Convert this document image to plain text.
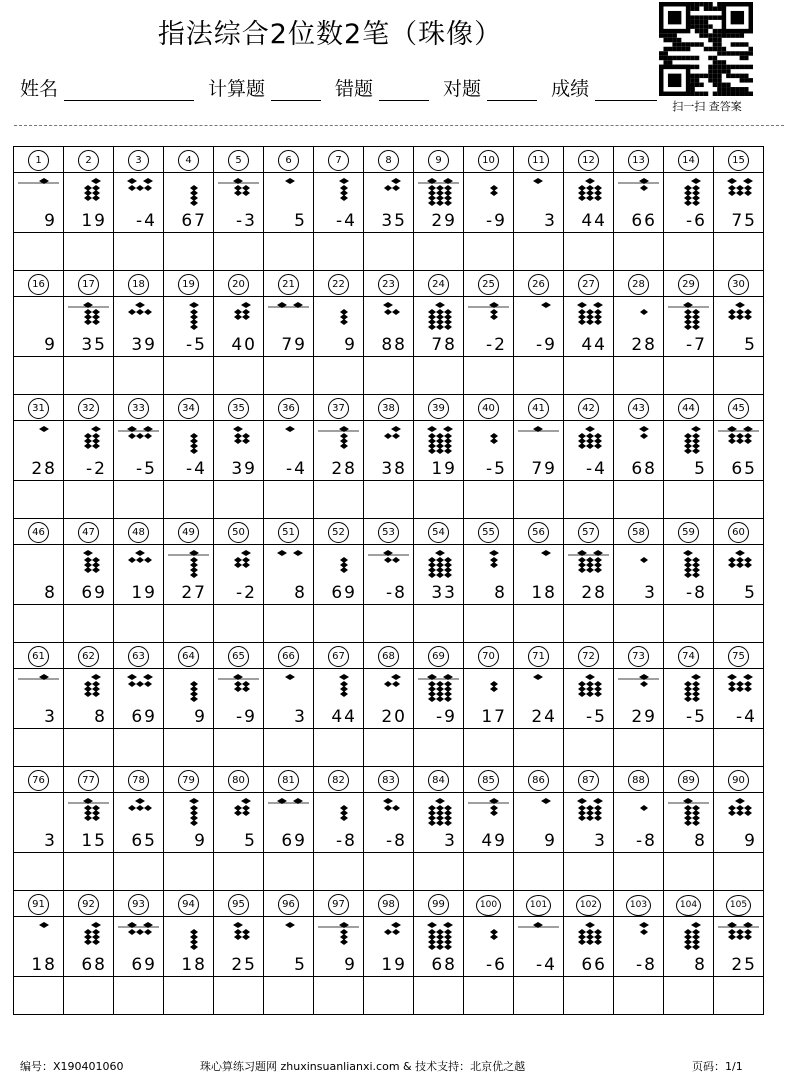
指法综合2位数2笔（珠像）
扫一扫 查答案
姓名	计算题	错题	对题	成绩
1	2	3	4	5	6	7	8	9	10	11	12	13	14	15

9	19	-4	67	-3	5	-4	35	29	-9	3	44	66	-6	75

16	17	18	19	20	21	22	23	24	25	26	27	28	29	30

9	35	39	-5	40	79	9	88	78	-2	-9	44	28	-7	5

31	32	33	34	35	36	37	38	39	40	41	42	43	44	45

28	-2	-5	-4	39	-4	28	38	19	-5	79	-4	68	5	65

46	47	48	49	50	51	52	53	54	55	56	57	58	59	60

8	69	19	27	-2	8	69	-8	33	8	18	28	3	-8	5

61	62	63	64	65	66	67	68	69	70	71	72	73	74	75

3	8	69	9	-9	3	44	20	-9	17	24	-5	29	-5	-4

76	77	78	79	80	81	82	83	84	85	86	87	88	89	90

3	15	65	9	5	69	-8	-8	3	49	9	3	-8	8	9

91	92	93	94	95	96	97	98	99	100	101	102	103	104	105

18	68	69	18	25	5	9	19	68	-6	-4	66	-8	8	25

编号：X190401060	珠心算练习题网 zhuxinsuanlianxi.com & 技术支持：北京优之越	页码：1/1
